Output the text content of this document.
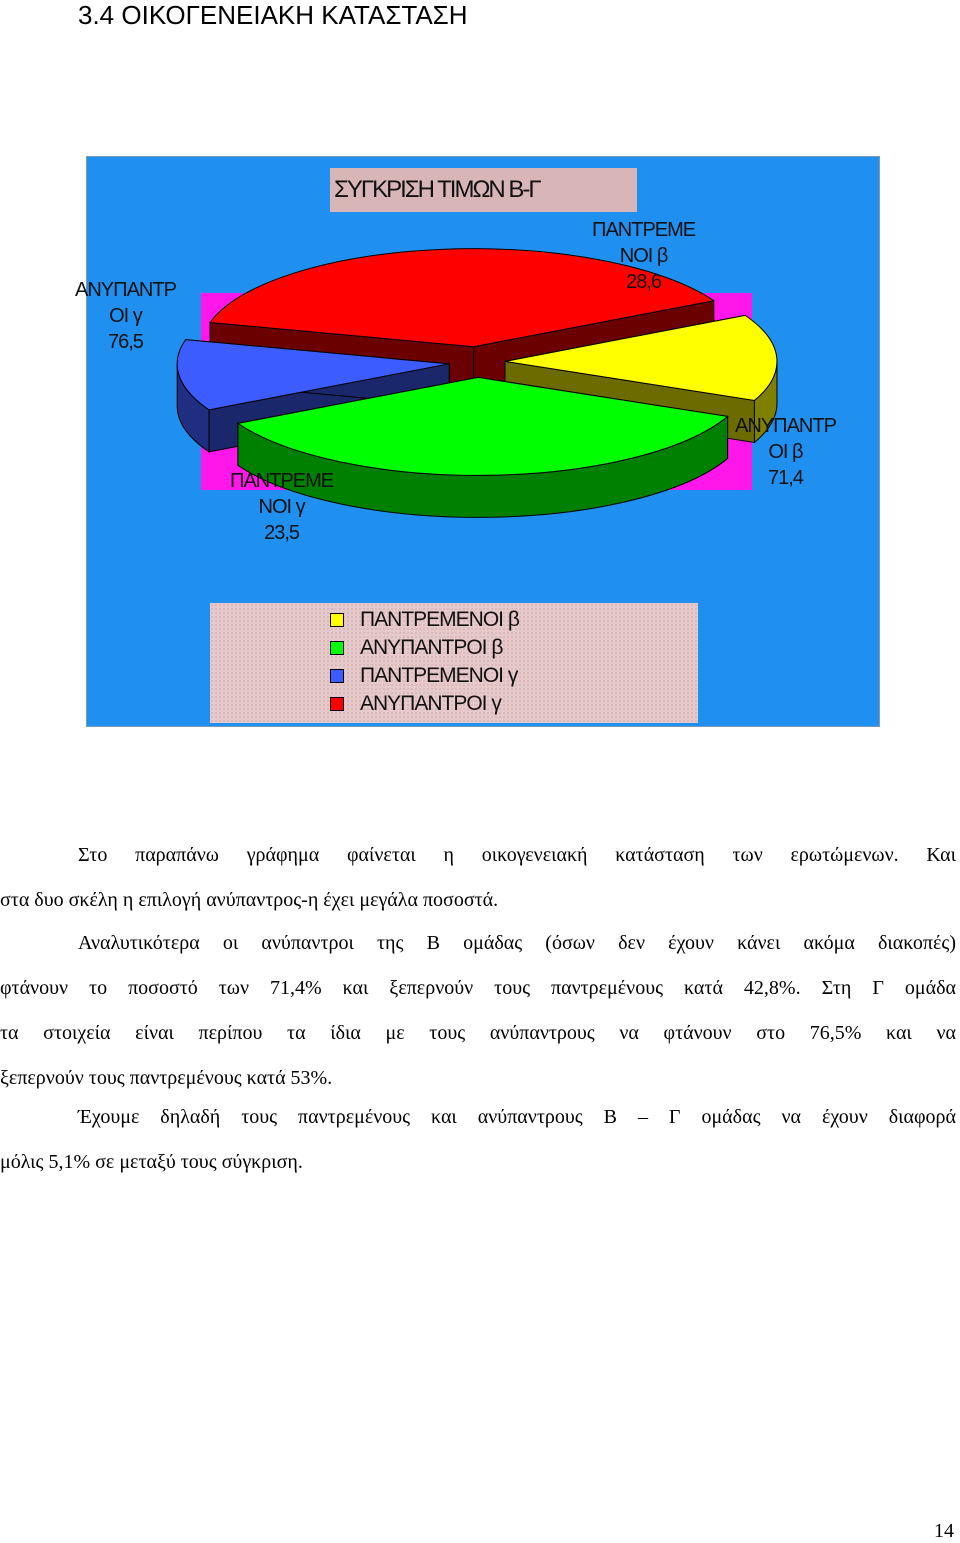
3.4 ΟΙΚΟΓΕΝΕΙΑΚΗ ΚΑΤΑΣΤΑΣΗ
ΣΥΓΚΡΙΣΗ ΤΙΜΩΝ Β-Γ
ΠΑΝΤΡΕΜΕ
ΝΟΙ β
28,6
ΑΝΥΠΑΝΤΡ
ΟΙ β
71,4
ΠΑΝΤΡΕΜΕ
ΝΟΙ γ
23,5
ΑΝΥΠΑΝΤΡ
ΟΙ γ
76,5
ΠΑΝΤΡΕΜΕΝΟΙ β
ΑΝΥΠΑΝΤΡΟΙ β
ΠΑΝΤΡΕΜΕΝΟΙ γ
ΑΝΥΠΑΝΤΡΟΙ γ
Στο παραπάνω γράφημα φαίνεται η οικογενειακή κατάσταση των ερωτώμενων. Και
στα δυο σκέλη η επιλογή ανύπαντρος-η έχει μεγάλα ποσοστά.
Αναλυτικότερα οι ανύπαντροι της Β ομάδας (όσων δεν έχουν κάνει ακόμα διακοπές)
φτάνουν το ποσοστό των 71,4% και ξεπερνούν τους παντρεμένους κατά 42,8%. Στη Γ ομάδα
τα στοιχεία είναι περίπου τα ίδια με τους ανύπαντρους να φτάνουν στο 76,5% και να
ξεπερνούν τους παντρεμένους κατά 53%.
Έχουμε δηλαδή τους παντρεμένους και ανύπαντρους Β – Γ ομάδας να έχουν διαφορά
μόλις 5,1% σε μεταξύ τους σύγκριση.
14
